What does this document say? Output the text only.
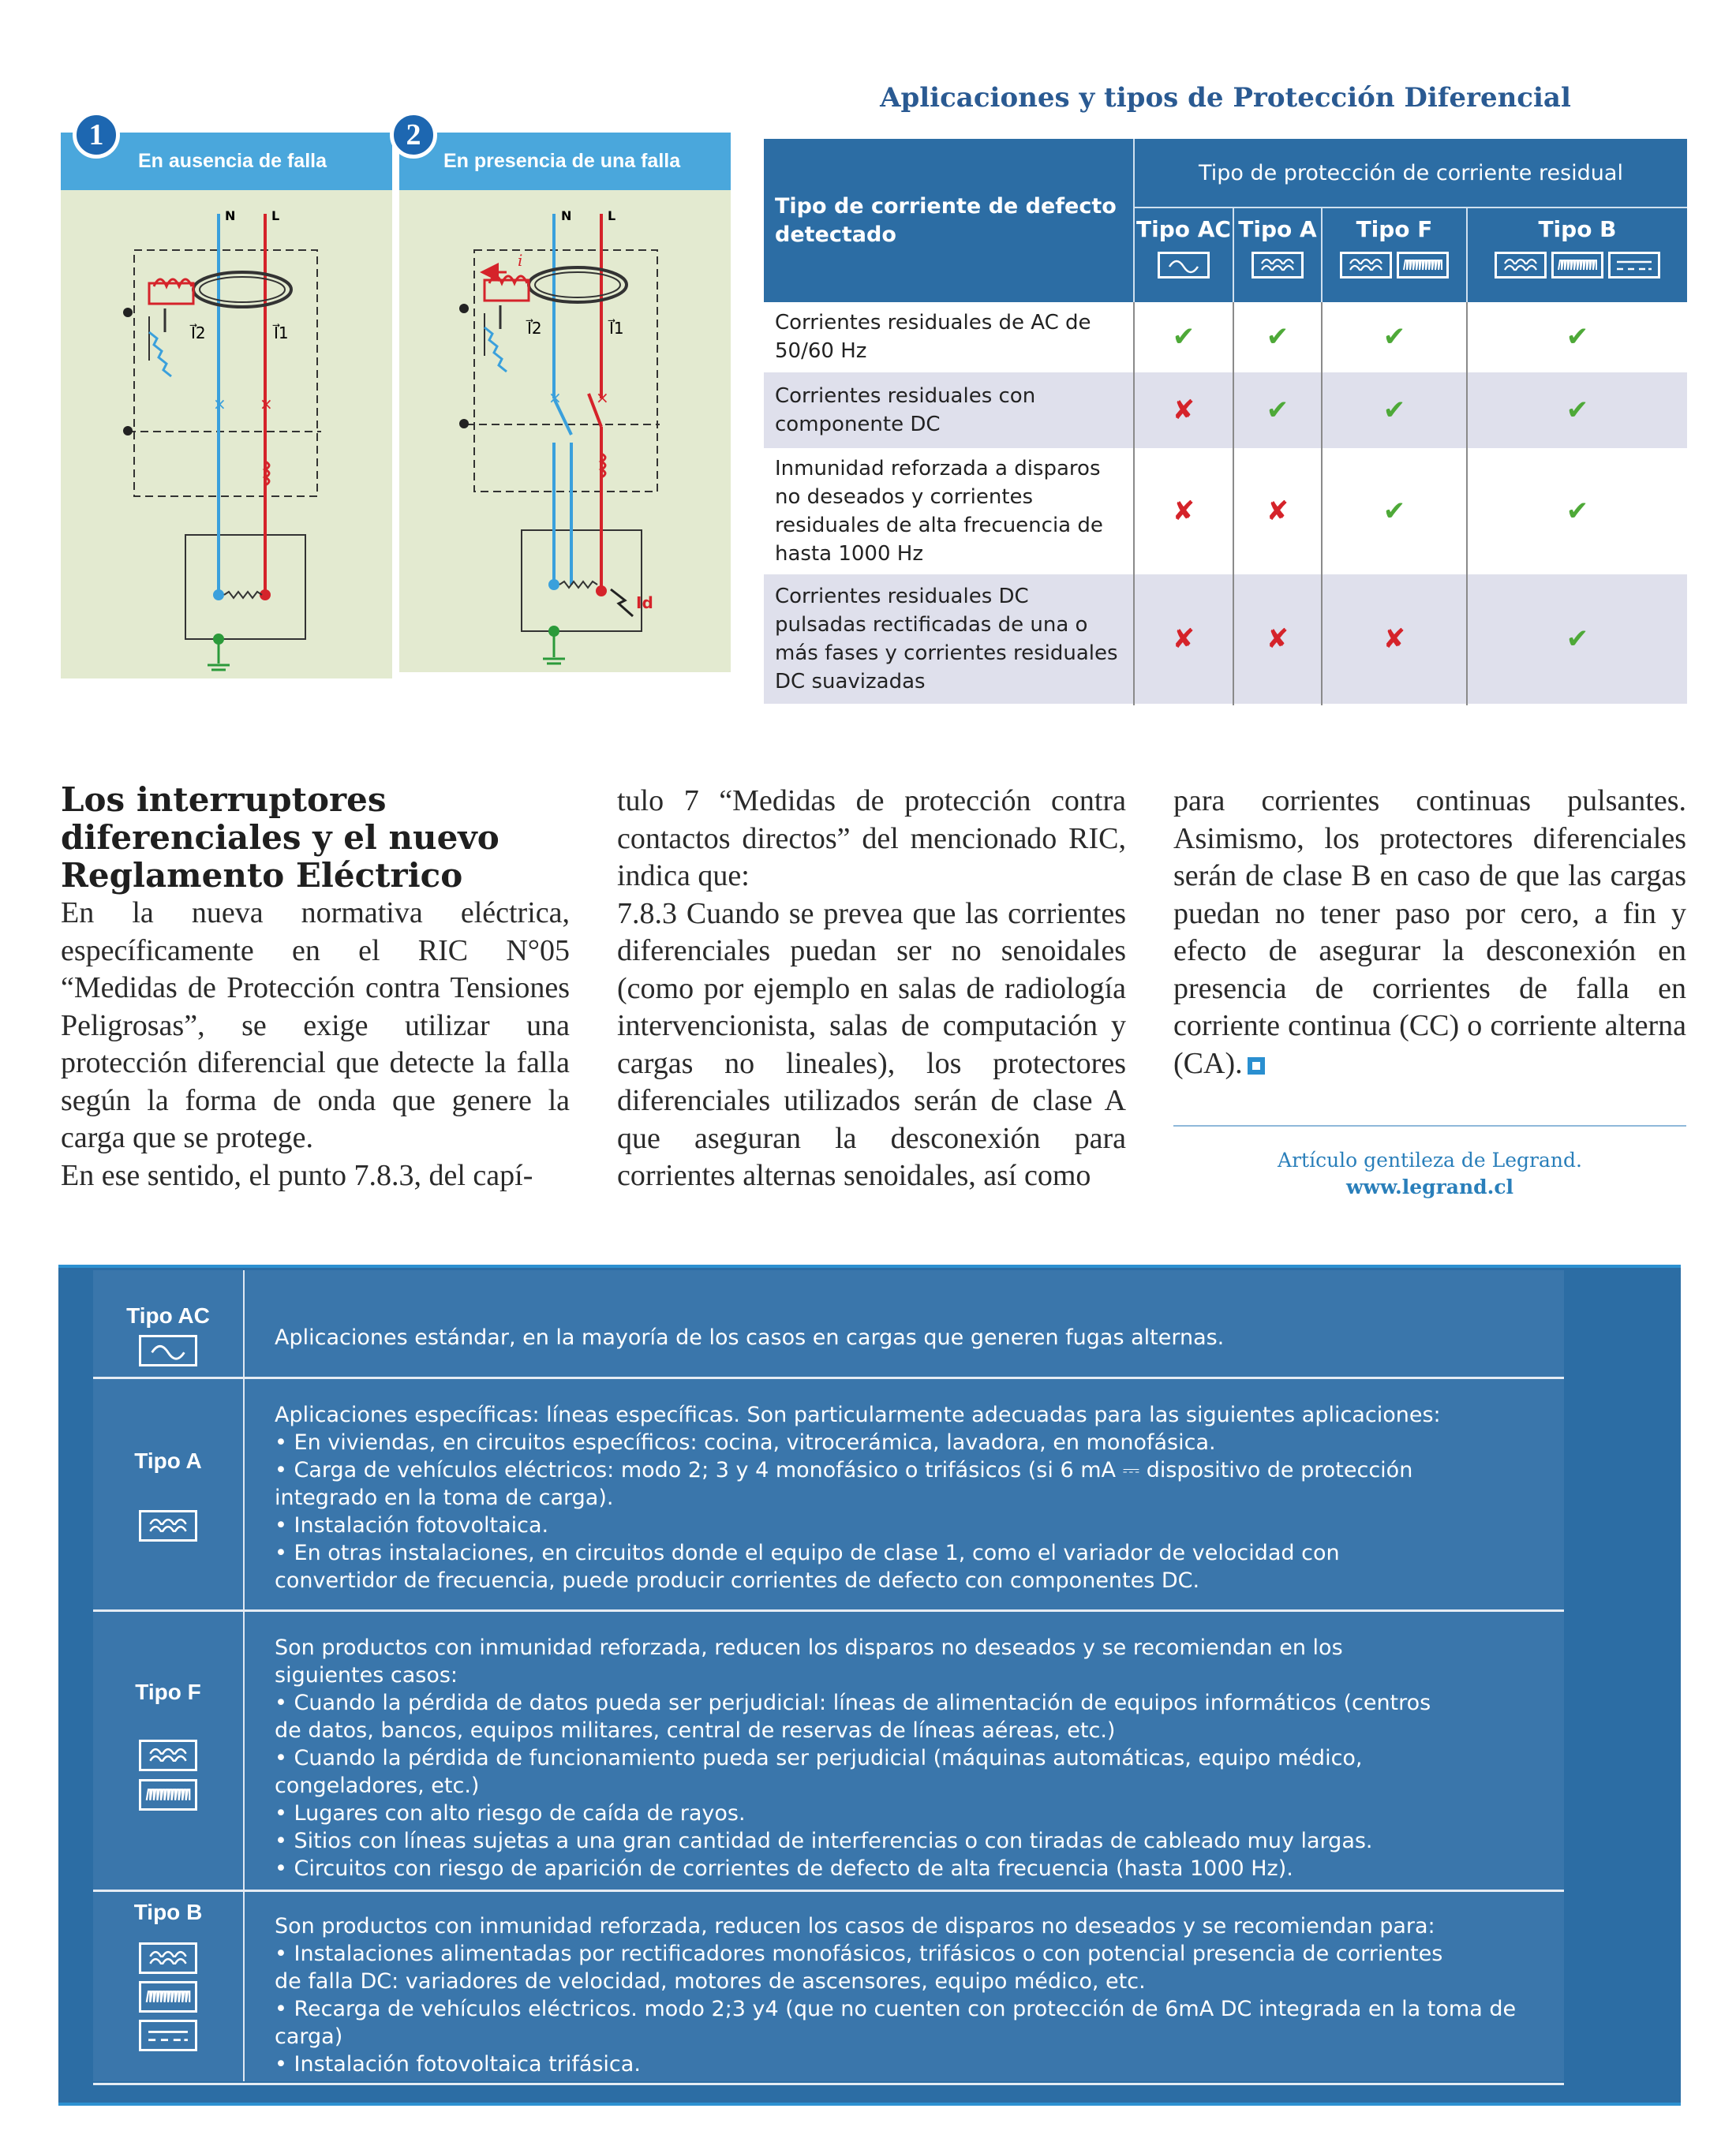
En ausencia de falla	En presencia de una falla
1	2
N	L
I⃗2	I⃗1
× ×
N	L
i
I⃗2	I⃗1
× ×
Id
Aplicaciones y tipos de Protección Diferencial
Tipo de corriente de defecto detectado	Tipo de protección de corriente residual			

	Tipo AC	Tipo A	Tipo F	Tipo B

Corrientes residuales de AC de 50/60 Hz	✔	✔	✔	✔
Corrientes residuales con componente DC	✘	✔	✔	✔
Inmunidad reforzada a disparos no deseados y corrientes residuales de alta frecuencia de hasta 1000 Hz	✘	✘	✔	✔
Corrientes residuales DC pulsadas rectificadas de una o más fases y corrientes residuales DC suavizadas	✘	✘	✘	✔
Los interruptores diferenciales y el nuevo Reglamento Eléctrico

En la nueva normativa eléctrica, específicamente en el RIC N°05 “Medidas de Protección contra Tensiones Peligrosas”, se exige utilizar una protección diferencial que detecte la falla según la forma de onda que genere la carga que se protege.

En ese sentido, el punto 7.8.3, del capí-

tulo 7 “Medidas de protección contra contactos directos” del mencionado RIC, indica que:

7.8.3 Cuando se prevea que las corrientes diferenciales puedan ser no senoidales (como por ejemplo en salas de radiología intervencionista, salas de computación y cargas no lineales), los protectores diferenciales utilizados serán de clase A que aseguran la desconexión para corrientes alternas senoidales, así como

para corrientes continuas pulsantes. Asimismo, los protectores diferenciales serán de clase B en caso de que las cargas puedan no tener paso por cero, a fin y efecto de asegurar la desconexión en presencia de corrientes de falla en corriente continua (CC) o corriente alterna (CA).

Artículo gentileza de Legrand.
www.legrand.cl
Tipo AC
Aplicaciones estándar, en la mayoría de los casos en cargas que generen fugas alternas.
Tipo A
Aplicaciones específicas: líneas específicas. Son particularmente adecuadas para las siguientes aplicaciones:
• En viviendas, en circuitos específicos: cocina, vitrocerámica, lavadora, en monofásica.
• Carga de vehículos eléctricos: modo 2; 3 y 4 monofásico o trifásicos (si 6 mA ⎓ dispositivo de protección
integrado en la toma de carga).
• Instalación fotovoltaica.
• En otras instalaciones, en circuitos donde el equipo de clase 1, como el variador de velocidad con
convertidor de frecuencia, puede producir corrientes de defecto con componentes DC.
Tipo F
Son productos con inmunidad reforzada, reducen los disparos no deseados y se recomiendan en los
siguientes casos:
• Cuando la pérdida de datos pueda ser perjudicial: líneas de alimentación de equipos informáticos (centros
de datos, bancos, equipos militares, central de reservas de líneas aéreas, etc.)
• Cuando la pérdida de funcionamiento pueda ser perjudicial (máquinas automáticas, equipo médico,
congeladores, etc.)
• Lugares con alto riesgo de caída de rayos.
• Sitios con líneas sujetas a una gran cantidad de interferencias o con tiradas de cableado muy largas.
• Circuitos con riesgo de aparición de corrientes de defecto de alta frecuencia (hasta 1000 Hz).
Tipo B
Son productos con inmunidad reforzada, reducen los casos de disparos no deseados y se recomiendan para:
• Instalaciones alimentadas por rectificadores monofásicos, trifásicos o con potencial presencia de corrientes
de falla DC: variadores de velocidad, motores de ascensores, equipo médico, etc.
• Recarga de vehículos eléctricos. modo 2;3 y4 (que no cuenten con protección de 6mA DC integrada en la toma de carga)
• Instalación fotovoltaica trifásica.
